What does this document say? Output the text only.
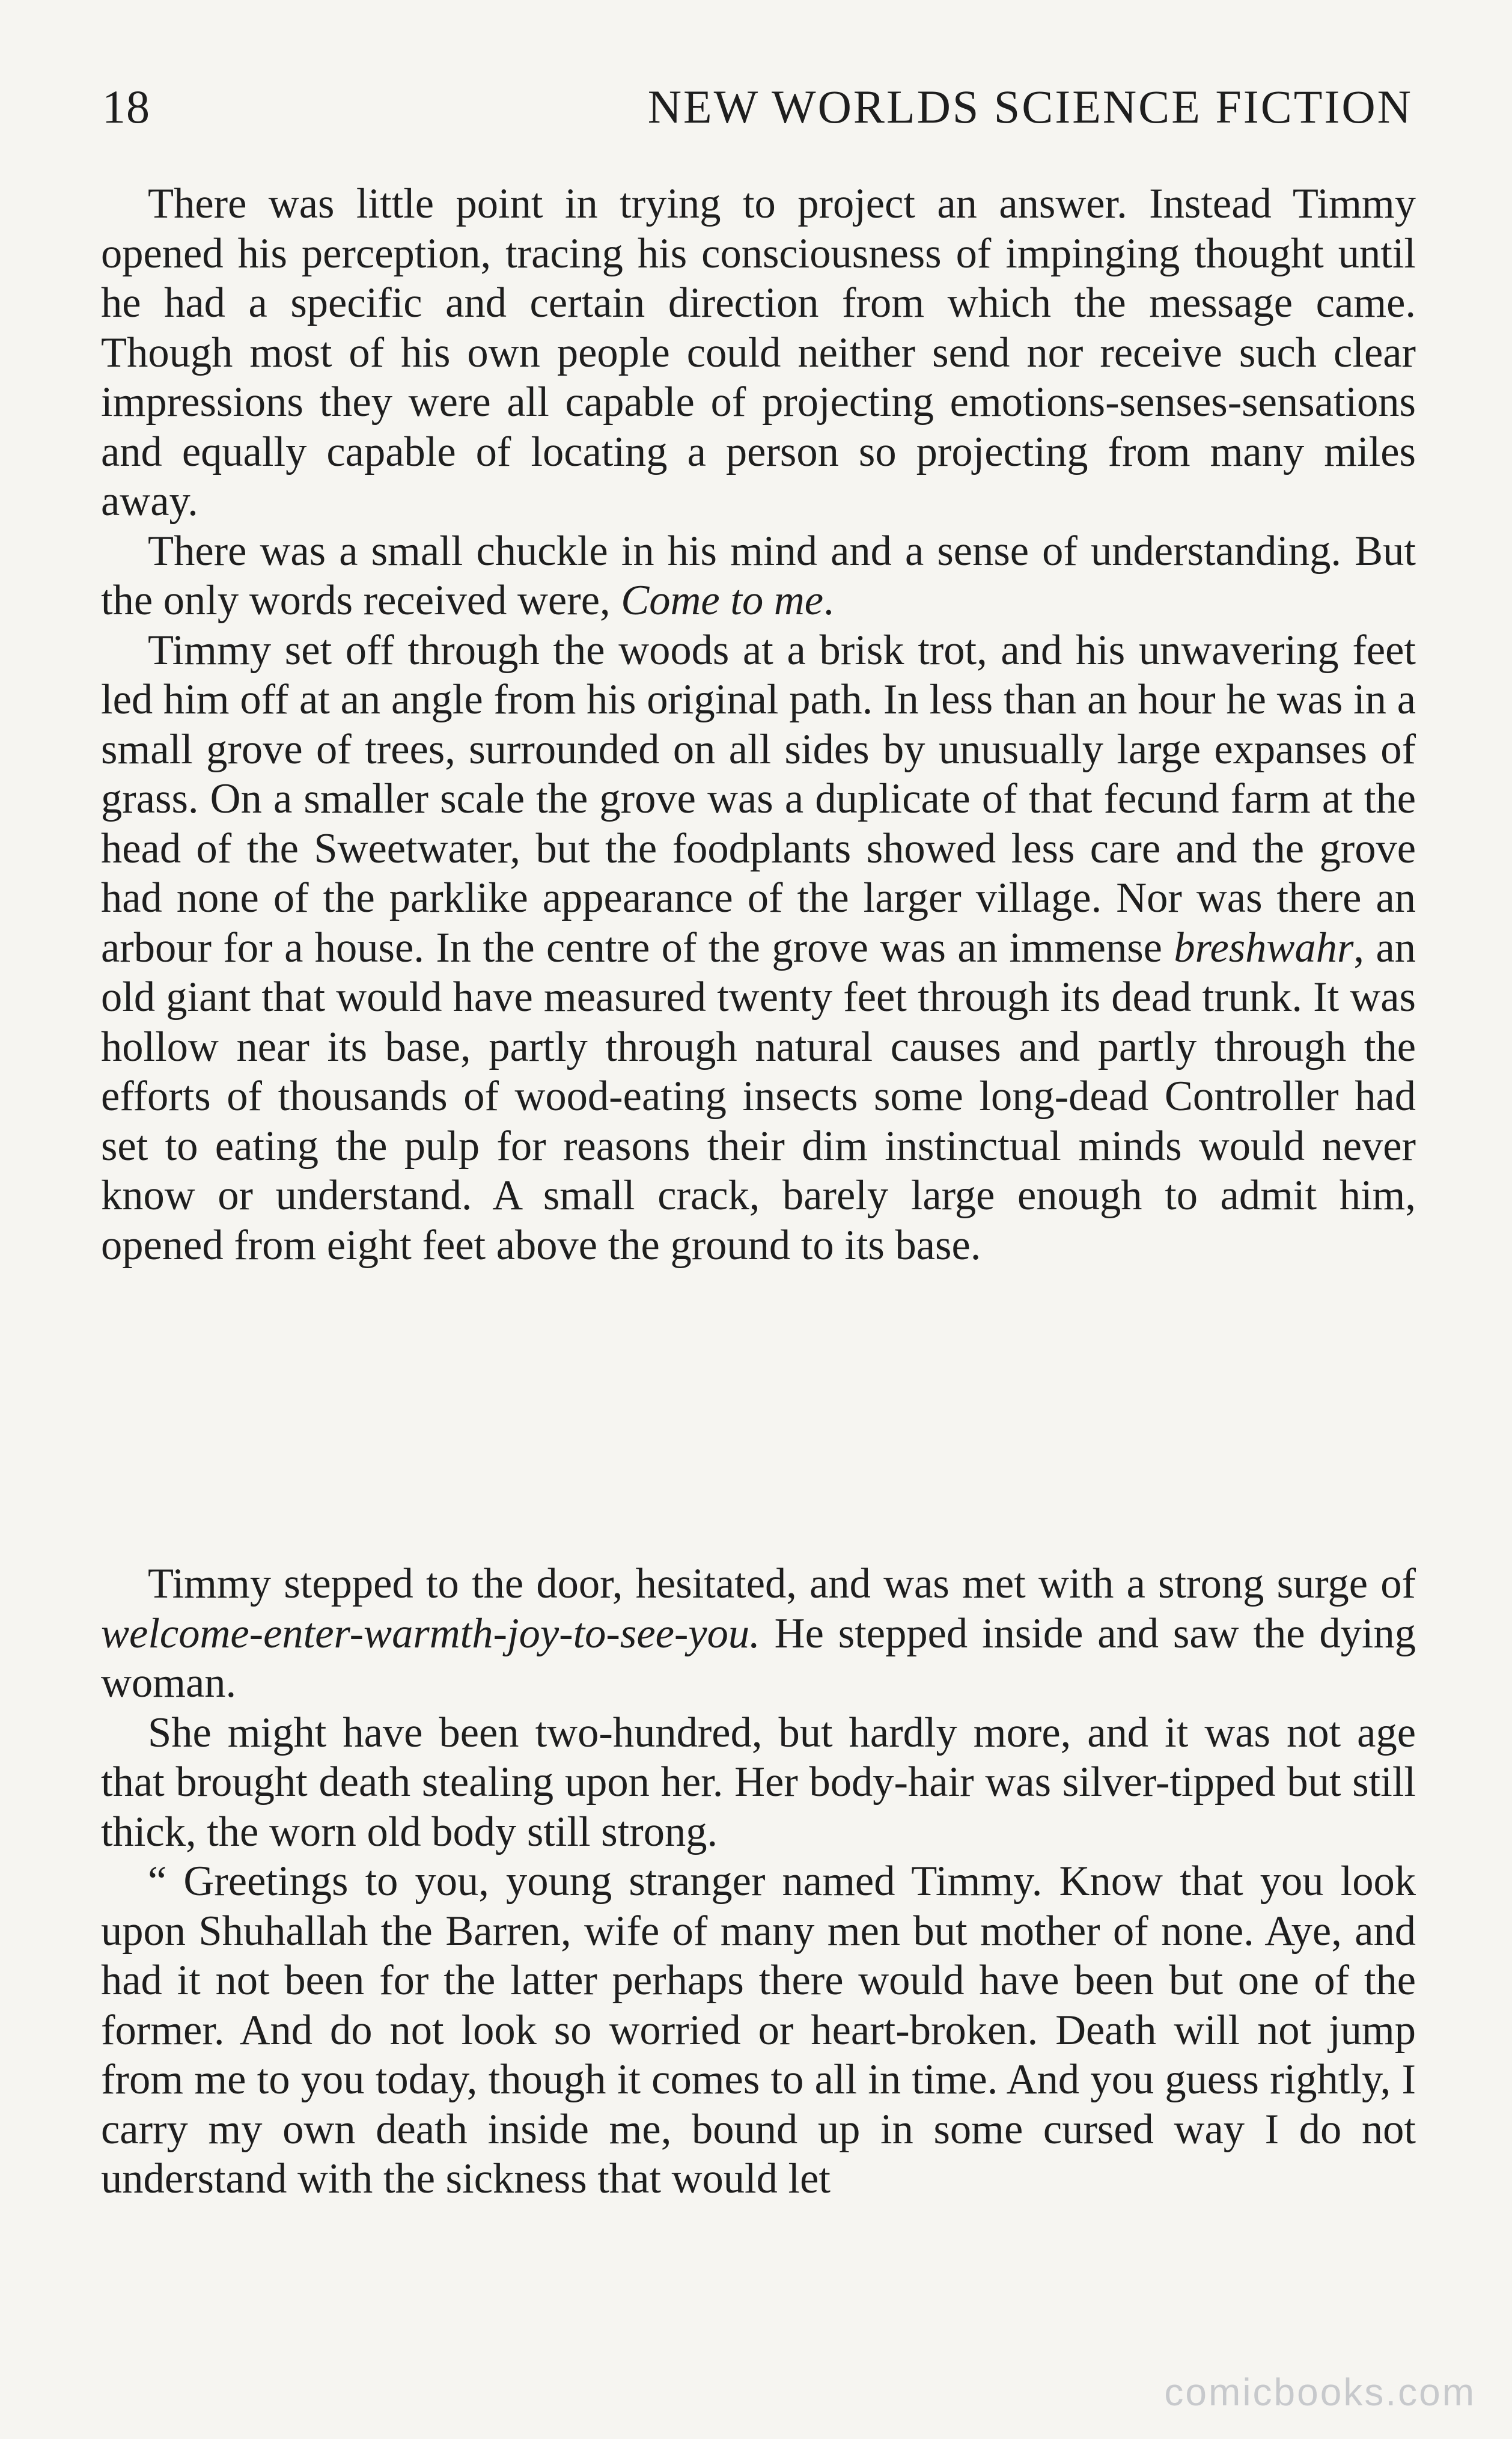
18	NEW WORLDS SCIENCE FICTION

There was little point in trying to project an answer. Instead Timmy opened his perception, tracing his consciousness of impinging thought until he had a specific and certain direction from which the message came. Though most of his own people could neither send nor receive such clear impressions they were all capable of projecting emotions-senses-sensations and equally capable of locating a person so projecting from many miles away.

There was a small chuckle in his mind and a sense of understanding. But the only words received were, Come to me.

Timmy set off through the woods at a brisk trot, and his unwavering feet led him off at an angle from his original path. In less than an hour he was in a small grove of trees, surrounded on all sides by unusually large expanses of grass. On a smaller scale the grove was a duplicate of that fecund farm at the head of the Sweetwater, but the foodplants showed less care and the grove had none of the parklike appearance of the larger village. Nor was there an arbour for a house. In the centre of the grove was an immense breshwahr, an old giant that would have measured twenty feet through its dead trunk. It was hollow near its base, partly through natural causes and partly through the efforts of thousands of wood-eating insects some long-dead Controller had set to eating the pulp for reasons their dim instinctual minds would never know or understand. A small crack, barely large enough to admit him, opened from eight feet above the ground to its base.

Timmy stepped to the door, hesitated, and was met with a strong surge of welcome-enter-warmth-joy-to-see-you. He stepped inside and saw the dying woman.

She might have been two-hundred, but hardly more, and it was not age that brought death stealing upon her. Her body-hair was silver-tipped but still thick, the worn old body still strong.

“ Greetings to you, young stranger named Timmy. Know that you look upon Shuhallah the Barren, wife of many men but mother of none. Aye, and had it not been for the latter perhaps there would have been but one of the former. And do not look so worried or heart-broken. Death will not jump from me to you today, though it comes to all in time. And you guess rightly, I carry my own death inside me, bound up in some cursed way I do not understand with the sickness that would let

comicbooks.com
